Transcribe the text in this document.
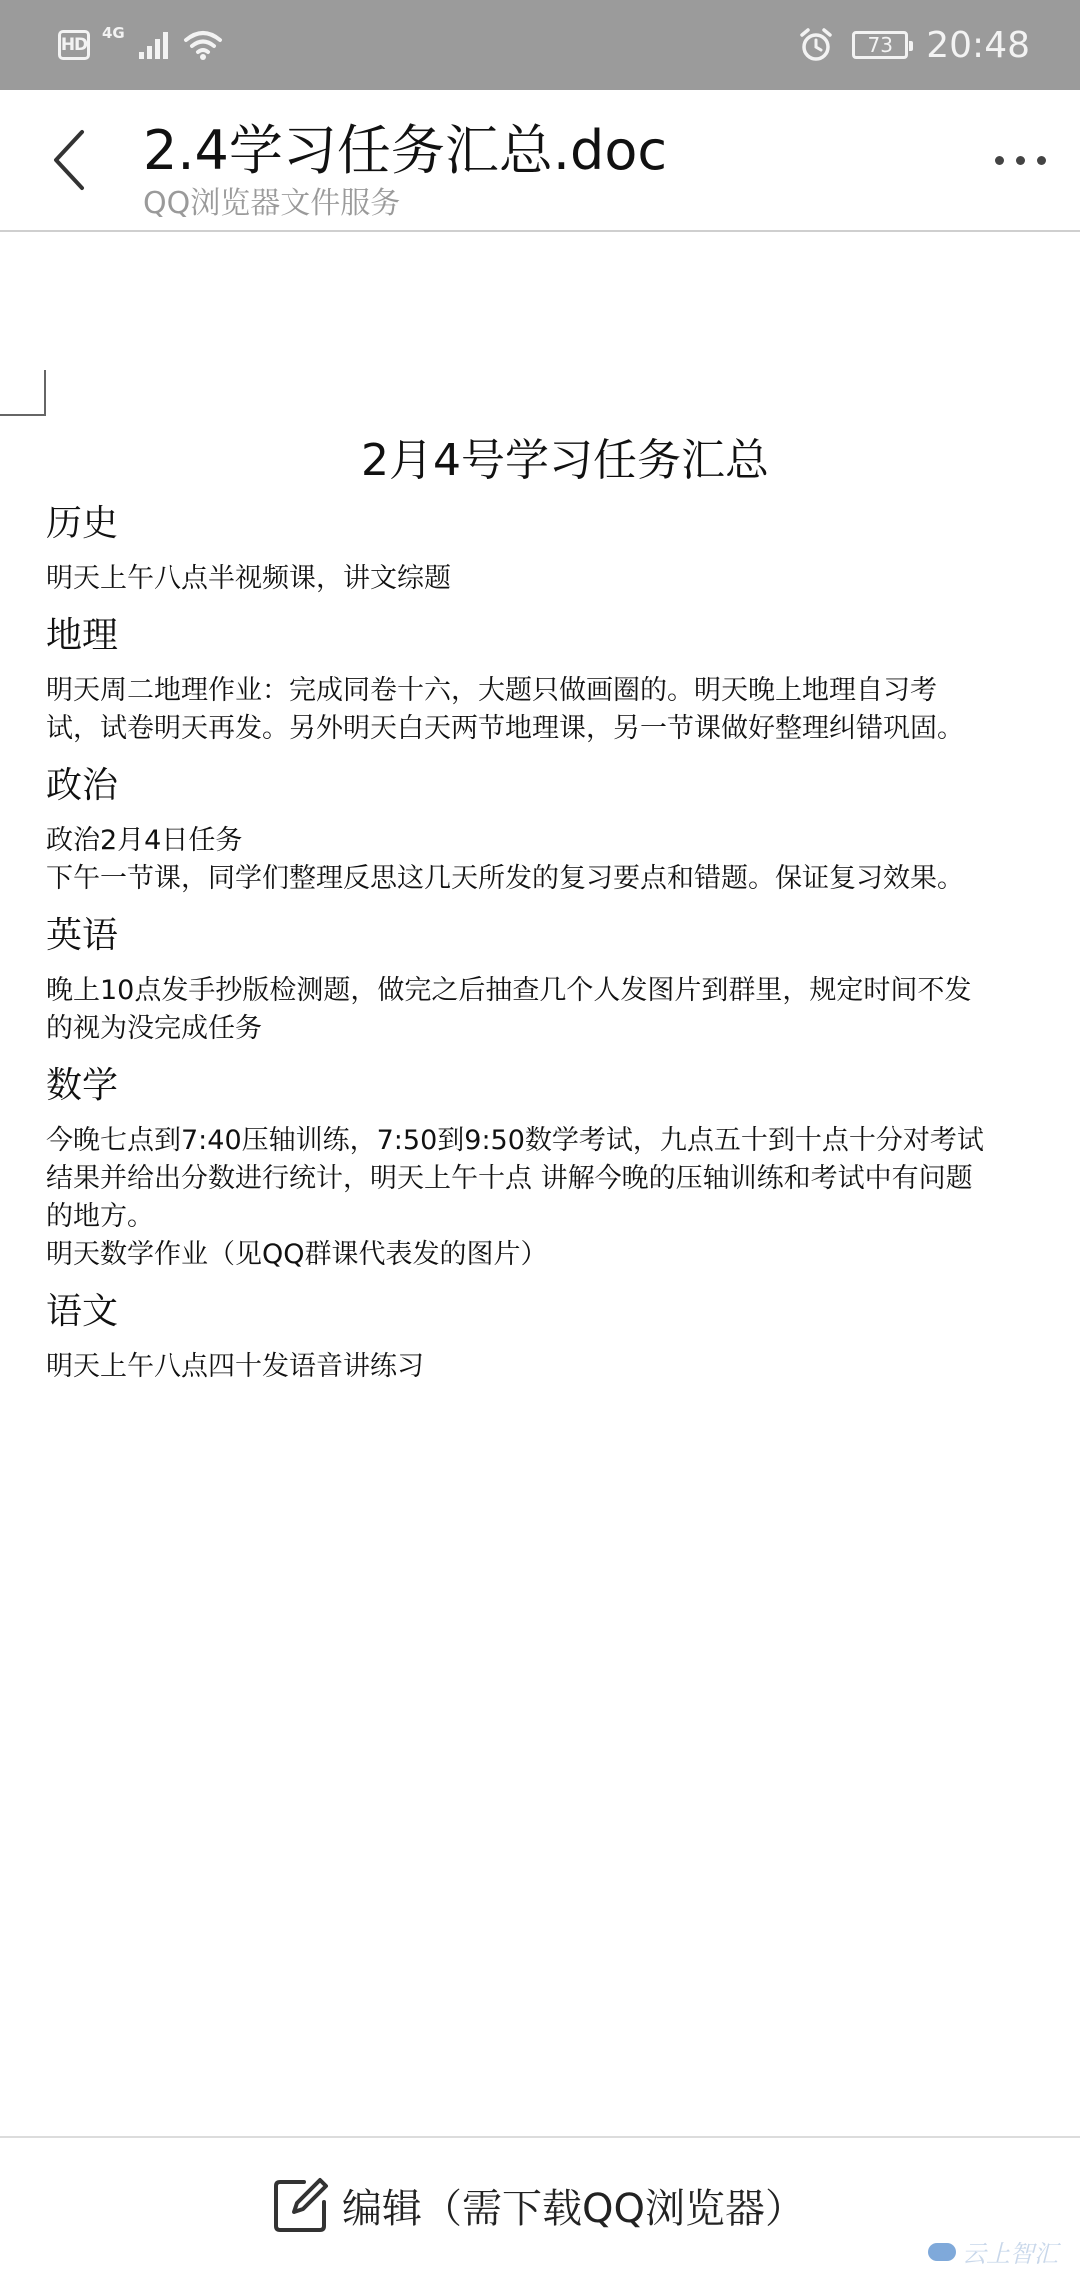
HD
4G	73 20:48
2.4学习任务汇总.doc
QQ浏览器文件服务
2月4号学习任务汇总

历史

明天上午八点半视频课，讲文综题

地理

明天周二地理作业：完成同卷十六，大题只做画圈的。明天晚上地理自习考
试，试卷明天再发。另外明天白天两节地理课，另一节课做好整理纠错巩固。

政治

政治2月4日任务
下午一节课，同学们整理反思这几天所发的复习要点和错题。保证复习效果。

英语

晚上10点发手抄版检测题，做完之后抽查几个人发图片到群里，规定时间不发
的视为没完成任务

数学

今晚七点到7:40压轴训练，7:50到9:50数学考试，九点五十到十点十分对考试
结果并给出分数进行统计，明天上午十点 讲解今晚的压轴训练和考试中有问题
的地方。
明天数学作业（见QQ群课代表发的图片）

语文

明天上午八点四十发语音讲练习

编辑（需下载QQ浏览器）
云上智汇
